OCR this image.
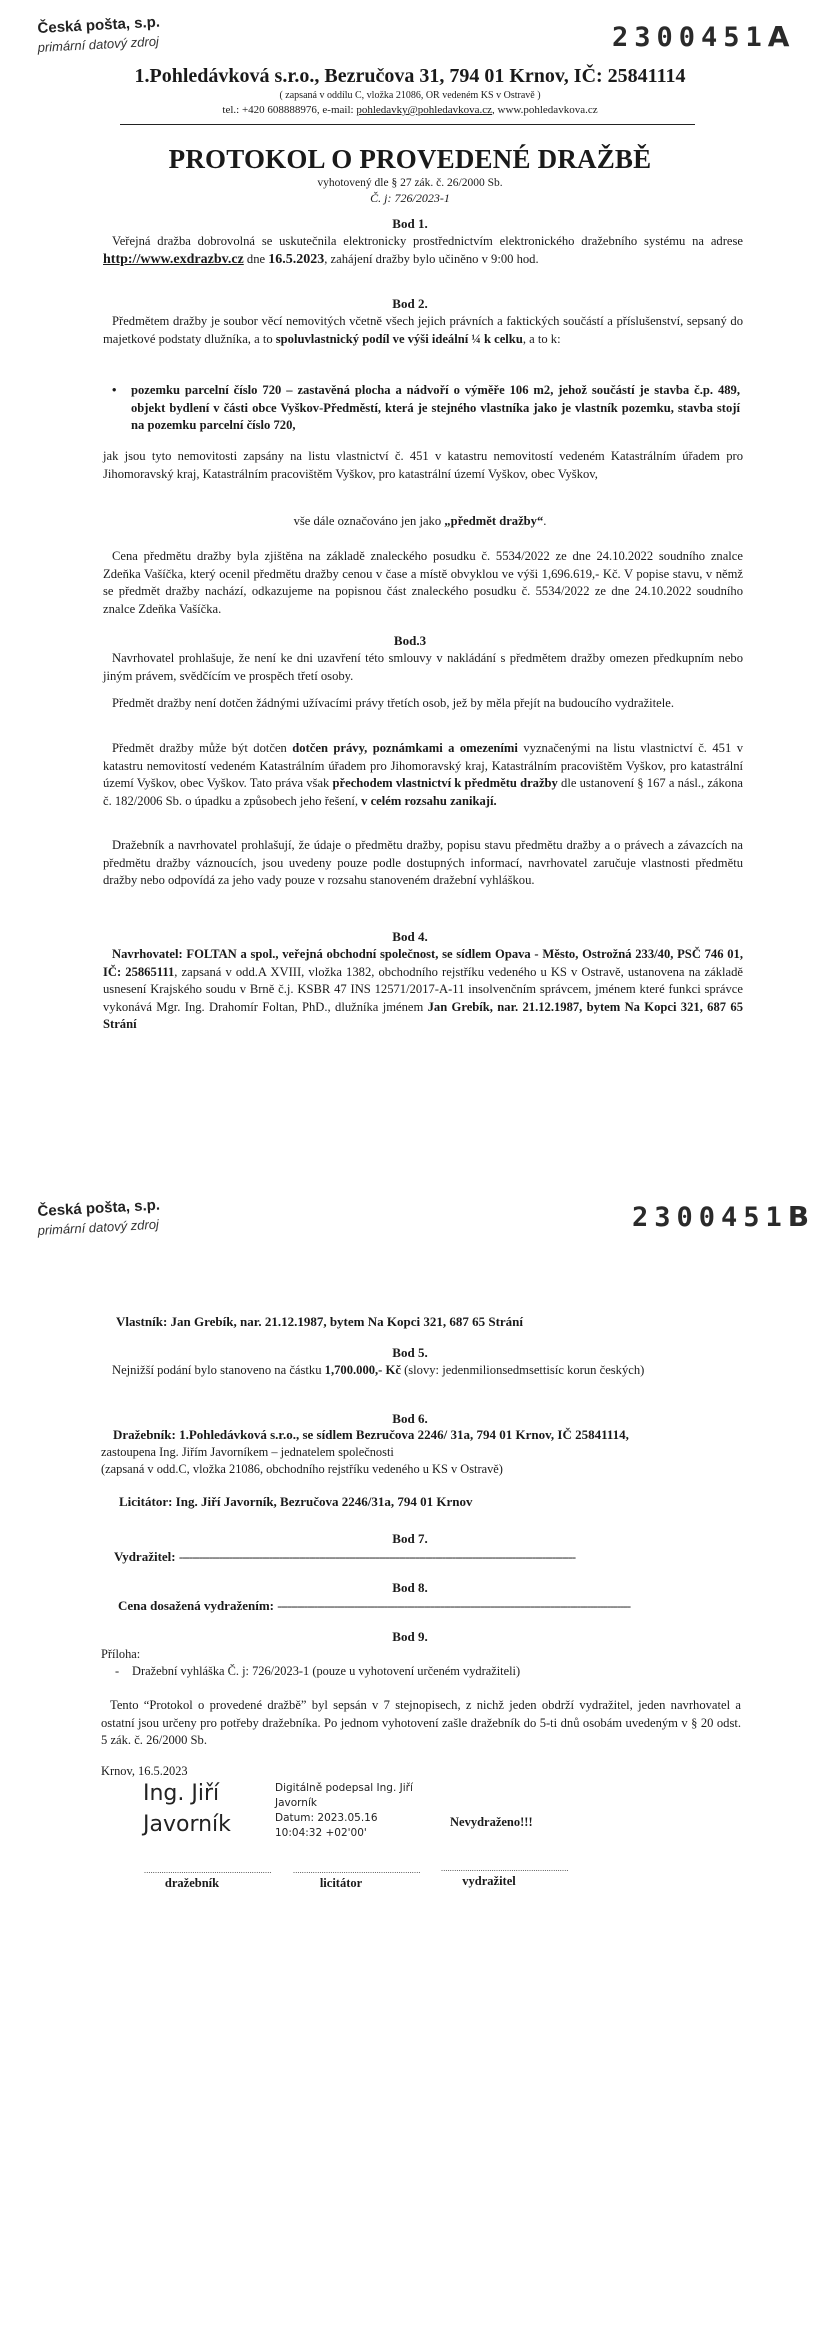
Česká pošta, s.p.
primární datový zdroj	2300451A
1.Pohledávková s.r.o., Bezručova 31, 794 01 Krnov, IČ: 25841114
( zapsaná v oddílu C, vložka 21086, OR vedeném KS v Ostravě )
tel.: +420 608888976, e-mail: pohledavky@pohledavkova.cz, www.pohledavkova.cz
PROTOKOL O PROVEDENÉ DRAŽBĚ
vyhotovený dle § 27 zák. č. 26/2000 Sb.
Č. j: 726/2023-1
Bod 1.
Veřejná dražba dobrovolná se uskutečnila elektronicky prostřednictvím elektronického dražebního systému na adrese http://www.exdrazbv.cz dne 16.5.2023, zahájení dražby bylo učiněno v 9:00 hod.
Bod 2.
Předmětem dražby je soubor věcí nemovitých včetně všech jejich právních a faktických součástí a příslušenství, sepsaný do majetkové podstaty dlužníka, a to spoluvlastnický podíl ve výši ideální ¼ k celku, a to k:
• pozemku parcelní číslo 720 – zastavěná plocha a nádvoří o výměře 106 m2, jehož součástí je stavba č.p. 489, objekt bydlení v části obce Vyškov-Předměstí, která je stejného vlastníka jako je vlastník pozemku, stavba stojí na pozemku parcelní číslo 720,
jak jsou tyto nemovitosti zapsány na listu vlastnictví č. 451 v katastru nemovitostí vedeném Katastrálním úřadem pro Jihomoravský kraj, Katastrálním pracovištěm Vyškov, pro katastrální území Vyškov, obec Vyškov,
vše dále označováno jen jako „předmět dražby“.
Cena předmětu dražby byla zjištěna na základě znaleckého posudku č. 5534/2022 ze dne 24.10.2022 soudního znalce Zdeňka Vašíčka, který ocenil předmětu dražby cenou v čase a místě obvyklou ve výši 1,696.619,- Kč. V popise stavu, v němž se předmět dražby nachází, odkazujeme na popisnou část znaleckého posudku č. 5534/2022 ze dne 24.10.2022 soudního znalce Zdeňka Vašíčka.
Bod.3
Navrhovatel prohlašuje, že není ke dni uzavření této smlouvy v nakládání s předmětem dražby omezen předkupním nebo jiným právem, svědčícím ve prospěch třetí osoby.
Předmět dražby není dotčen žádnými užívacími právy třetích osob, jež by měla přejít na budoucího vydražitele.
Předmět dražby může být dotčen dotčen právy, poznámkami a omezeními vyznačenými na listu vlastnictví č. 451 v katastru nemovitostí vedeném Katastrálním úřadem pro Jihomoravský kraj, Katastrálním pracovištěm Vyškov, pro katastrální území Vyškov, obec Vyškov. Tato práva však přechodem vlastnictví k předmětu dražby dle ustanovení § 167 a násl., zákona č. 182/2006 Sb. o úpadku a způsobech jeho řešení, v celém rozsahu zanikají.
Dražebník a navrhovatel prohlašují, že údaje o předmětu dražby, popisu stavu předmětu dražby a o právech a závazcích na předmětu dražby váznoucích, jsou uvedeny pouze podle dostupných informací, navrhovatel zaručuje vlastnosti předmětu dražby nebo odpovídá za jeho vady pouze v rozsahu stanoveném dražební vyhláškou.
Bod 4.
Navrhovatel: FOLTAN a spol., veřejná obchodní společnost, se sídlem Opava - Město, Ostrožná 233/40, PSČ 746 01, IČ: 25865111, zapsaná v odd.A XVIII, vložka 1382, obchodního rejstříku vedeného u KS v Ostravě, ustanovena na základě usnesení Krajského soudu v Brně č.j. KSBR 47 INS 12571/2017-A-11 insolvenčním správcem, jménem které funkci správce vykonává Mgr. Ing. Drahomír Foltan, PhD., dlužníka jménem Jan Grebík, nar. 21.12.1987, bytem Na Kopci 321, 687 65 Strání
Česká pošta, s.p.
primární datový zdroj	2300451B
Vlastník: Jan Grebík, nar. 21.12.1987, bytem Na Kopci 321, 687 65 Strání
Bod 5.
Nejnižší podání bylo stanoveno na částku 1,700.000,- Kč (slovy: jedenmilionsedmsettisíc korun českých)
Bod 6.
Dražebník: 1.Pohledávková s.r.o., se sídlem Bezručova 2246/ 31a, 794 01 Krnov, IČ 25841114,
zastoupena Ing. Jiřím Javorníkem – jednatelem společnosti
(zapsaná v odd.C, vložka 21086, obchodního rejstříku vedeného u KS v Ostravě)
Licitátor: Ing. Jiří Javorník, Bezručova 2246/31a, 794 01 Krnov
Bod 7.
Vydražitel: -----------------------------------------------------------------------------------------------------------------------
Bod 8.
Cena dosažená vydražením: ----------------------------------------------------------------------------------------------------------
Bod 9.
Příloha:
- Dražební vyhláška Č. j: 726/2023-1 (pouze u vyhotovení určeném vydražiteli)
Tento “Protokol o provedené dražbě” byl sepsán v 7 stejnopisech, z nichž jeden obdrží vydražitel, jeden navrhovatel a ostatní jsou určeny pro potřeby dražebníka. Po jednom vyhotovení zašle dražebník do 5-ti dnů osobám uvedeným v § 20 odst. 5 zák. č. 26/2000 Sb.
Krnov, 16.5.2023
Ing. Jiří
Javorník
Digitálně podepsal Ing. Jiří
Javorník
Datum: 2023.05.16
10:04:32 +02'00'
Nevydraženo!!!
..........................................................	..........................................................	..........................................................
dražebník	licitátor	vydražitel
